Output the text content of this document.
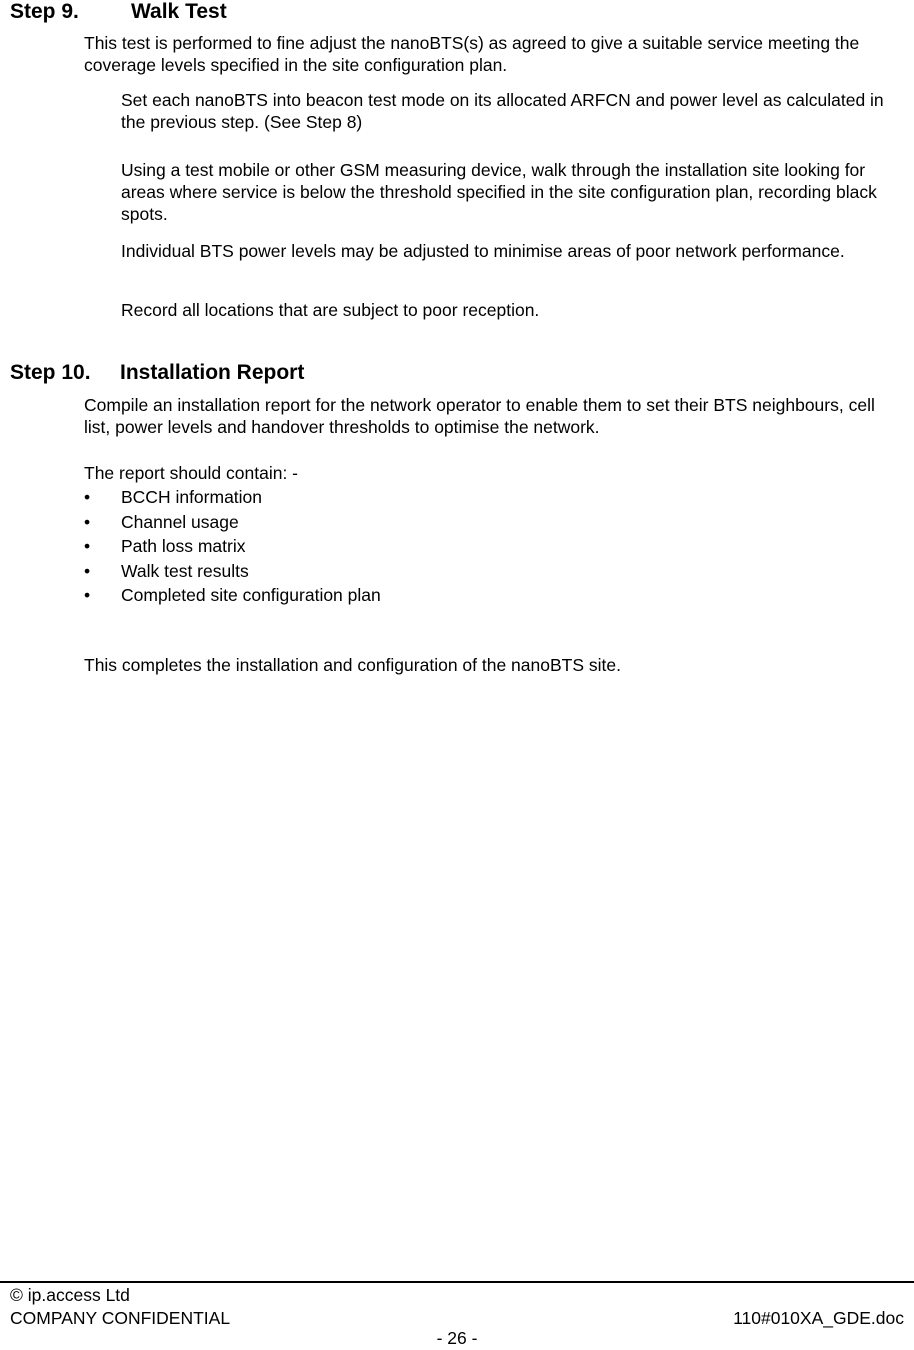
Step 9. Walk Test

This test is performed to fine adjust the nanoBTS(s) as agreed to give a suitable service meeting the coverage levels specified in the site configuration plan.

Set each nanoBTS into beacon test mode on its allocated ARFCN and power level as calculated in the previous step. (See Step 8)

Using a test mobile or other GSM measuring device, walk through the installation site looking for areas where service is below the threshold specified in the site configuration plan, recording black spots.

Individual BTS power levels may be adjusted to minimise areas of poor network performance.

Record all locations that are subject to poor reception.

Step 10. Installation Report

Compile an installation report for the network operator to enable them to set their BTS neighbours, cell list, power levels and handover thresholds to optimise the network.

The report should contain: -

•	BCCH information
•	Channel usage
•	Path loss matrix
•	Walk test results
•	Completed site configuration plan

This completes the installation and configuration of the nanoBTS site.

© ip.access Ltd
COMPANY CONFIDENTIAL	110#010XA_GDE.doc
- 26 -
